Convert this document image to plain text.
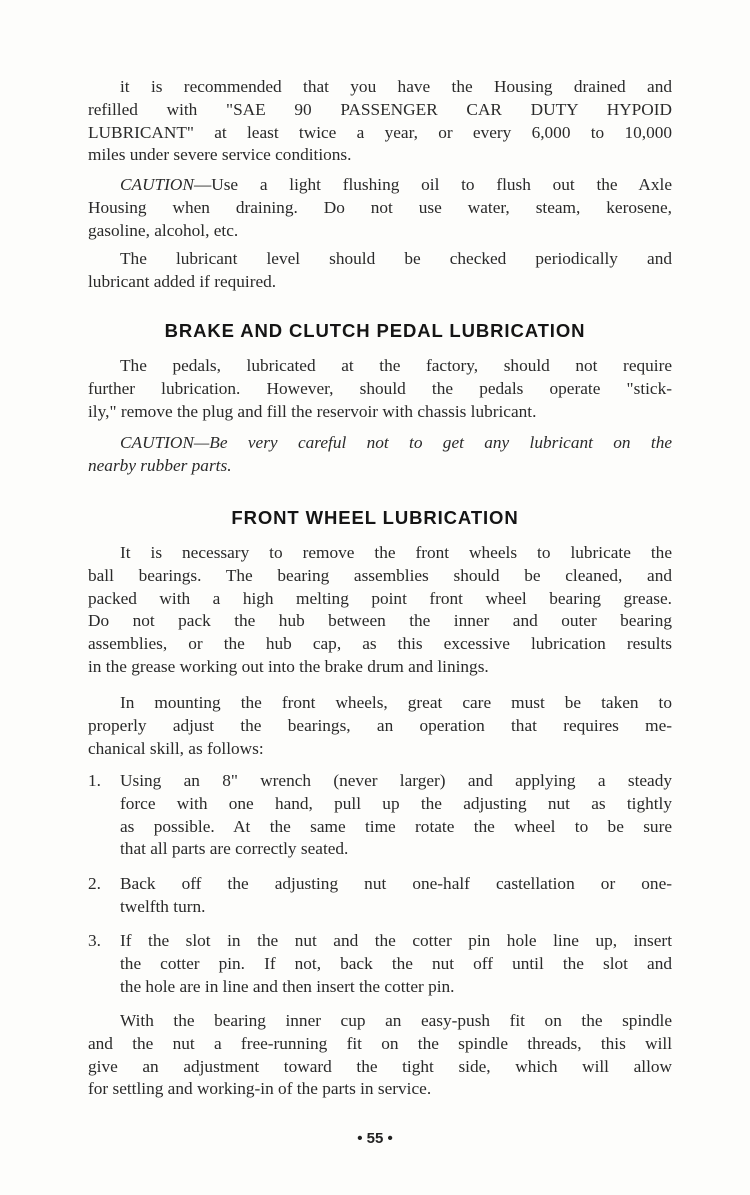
it is recommended that you have the Housing drained and
refilled with "SAE 90 PASSENGER CAR DUTY HYPOID
LUBRICANT" at least twice a year, or every 6,000 to 10,000
miles under severe service conditions.
CAUTION—Use a light flushing oil to flush out the Axle
Housing when draining. Do not use water, steam, kerosene,
gasoline, alcohol, etc.
The lubricant level should be checked periodically and
lubricant added if required.
BRAKE AND CLUTCH PEDAL LUBRICATION
The pedals, lubricated at the factory, should not require
further lubrication. However, should the pedals operate "stick-
ily," remove the plug and fill the reservoir with chassis lubricant.
CAUTION—Be very careful not to get any lubricant on the
nearby rubber parts.
FRONT WHEEL LUBRICATION
It is necessary to remove the front wheels to lubricate the
ball bearings. The bearing assemblies should be cleaned, and
packed with a high melting point front wheel bearing grease.
Do not pack the hub between the inner and outer bearing
assemblies, or the hub cap, as this excessive lubrication results
in the grease working out into the brake drum and linings.
In mounting the front wheels, great care must be taken to
properly adjust the bearings, an operation that requires me-
chanical skill, as follows:
1. Using an 8" wrench (never larger) and applying a steady
force with one hand, pull up the adjusting nut as tightly
as possible. At the same time rotate the wheel to be sure
that all parts are correctly seated.
2. Back off the adjusting nut one-half castellation or one-
twelfth turn.
3. If the slot in the nut and the cotter pin hole line up, insert
the cotter pin. If not, back the nut off until the slot and
the hole are in line and then insert the cotter pin.
With the bearing inner cup an easy-push fit on the spindle
and the nut a free-running fit on the spindle threads, this will
give an adjustment toward the tight side, which will allow
for settling and working-in of the parts in service.
• 55 •
